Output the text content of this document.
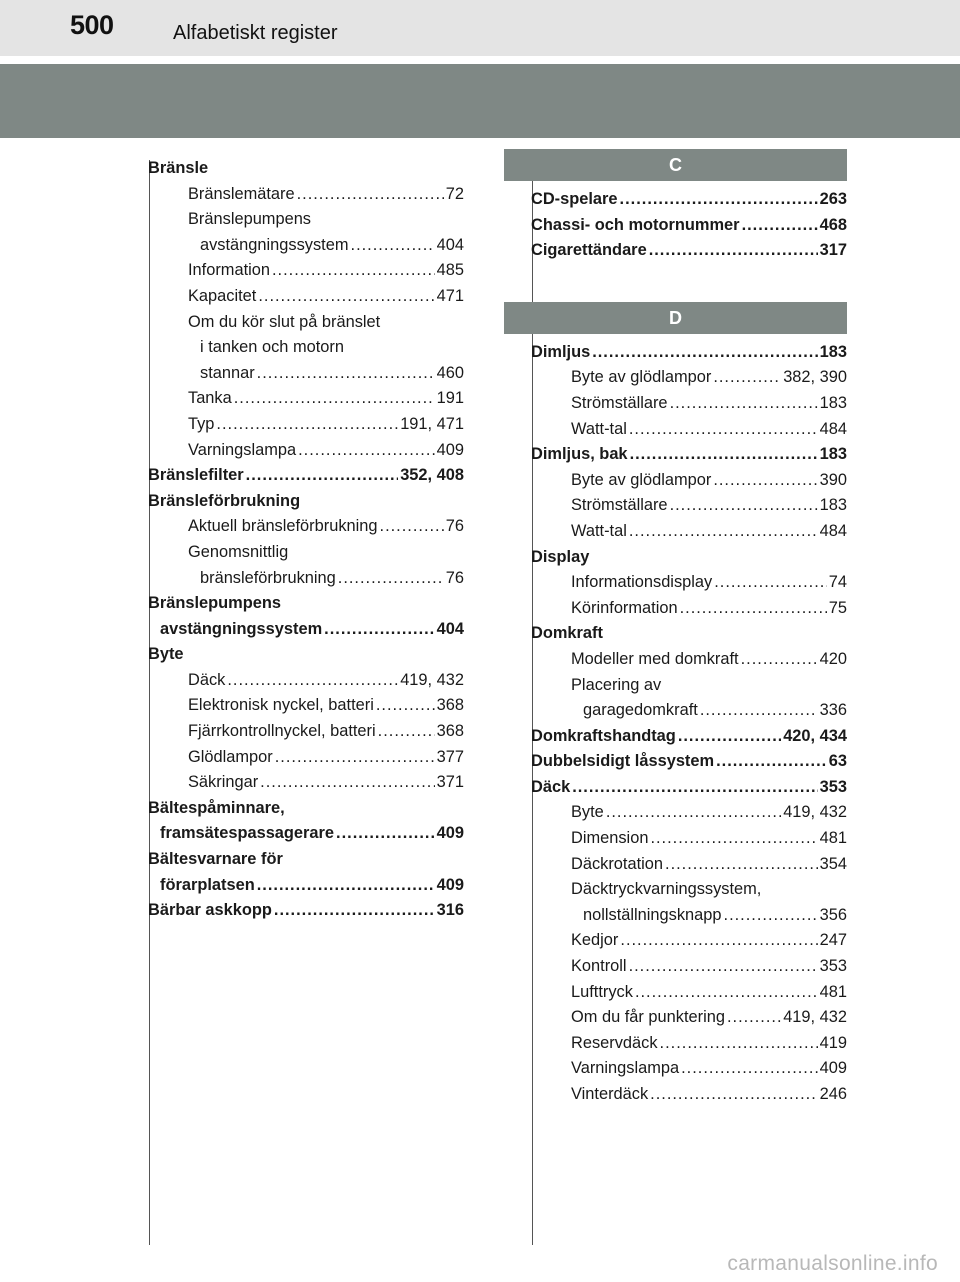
500	Alfabetiskt register
Bränsle
Bränslemätare .....	72
Bränslepumpens
avstängningssystem .....	404
Information .....	485
Kapacitet .....	471
Om du kör slut på bränslet
i tanken och motorn
stannar .....	460
Tanka .....	191
Typ .....	191, 471
Varningslampa .....	409
Bränslefilter .....	352, 408
Bränsleförbrukning
Aktuell bränsleförbrukning .....	76
Genomsnittlig
bränsleförbrukning .....	76
Bränslepumpens
avstängningssystem .....	404
Byte
Däck .....	419, 432
Elektronisk nyckel, batteri .....	368
Fjärrkontrollnyckel, batteri .....	368
Glödlampor .....	377
Säkringar .....	371
Bältespåminnare,
framsätespassagerare .....	409
Bältesvarnare för
förarplatsen .....	409
Bärbar askkopp .....	316
C
CD-spelare .....	263
Chassi- och motornummer .....	468
Cigarettändare .....	317
D
Dimljus .....	183
Byte av glödlampor .....	382, 390
Strömställare .....	183
Watt-tal .....	484
Dimljus, bak .....	183
Byte av glödlampor .....	390
Strömställare .....	183
Watt-tal .....	484
Display
Informationsdisplay .....	74
Körinformation .....	75
Domkraft
Modeller med domkraft .....	420
Placering av
garagedomkraft .....	336
Domkraftshandtag .....	420, 434
Dubbelsidigt låssystem .....	63
Däck .....	353
Byte .....	419, 432
Dimension .....	481
Däckrotation .....	354
Däcktryckvarningssystem,
nollställningsknapp .....	356
Kedjor .....	247
Kontroll .....	353
Lufttryck .....	481
Om du får punktering .....	419, 432
Reservdäck .....	419
Varningslampa .....	409
Vinterdäck .....	246
carmanualsonline.info
